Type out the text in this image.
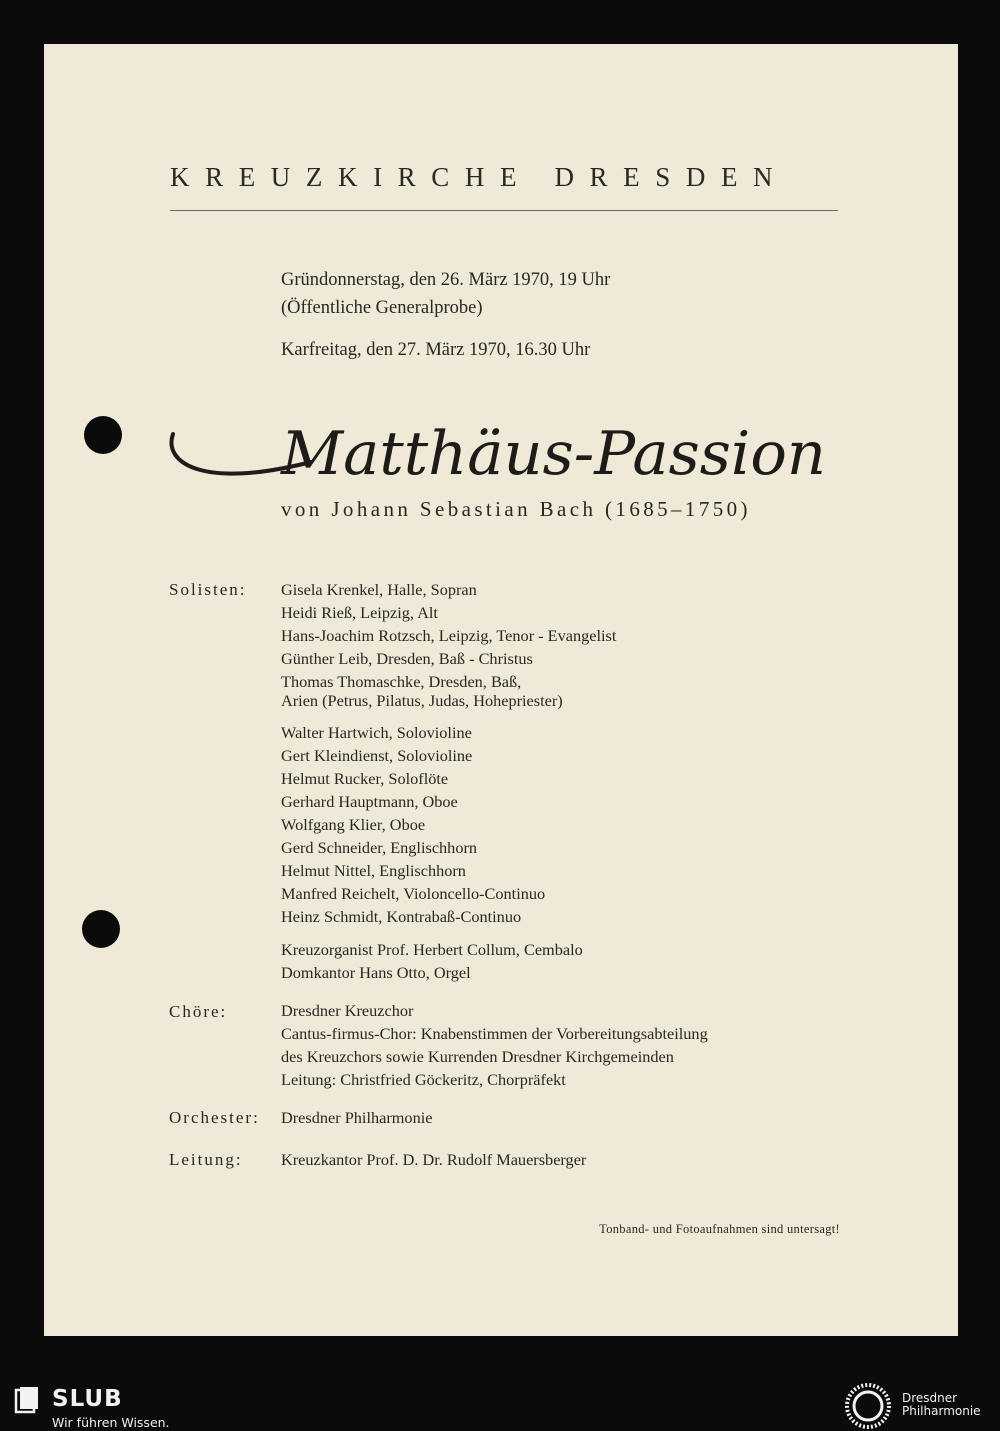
KREUZKIRCHE DRESDEN
Gründonnerstag, den 26. März 1970, 19 Uhr
(Öffentliche Generalprobe)
Karfreitag, den 27. März 1970, 16.30 Uhr
Matthäus-Passion
von Johann Sebastian Bach (1685–1750)
Solisten: Gisela Krenkel, Halle, Sopran
Heidi Rieß, Leipzig, Alt
Hans-Joachim Rotzsch, Leipzig, Tenor - Evangelist
Günther Leib, Dresden, Baß - Christus
Thomas Thomaschke, Dresden, Baß,
Arien (Petrus, Pilatus, Judas, Hohepriester)
Walter Hartwich, Solovioline
Gert Kleindienst, Solovioline
Helmut Rucker, Soloflöte
Gerhard Hauptmann, Oboe
Wolfgang Klier, Oboe
Gerd Schneider, Englischhorn
Helmut Nittel, Englischhorn
Manfred Reichelt, Violoncello-Continuo
Heinz Schmidt, Kontrabaß-Continuo
Kreuzorganist Prof. Herbert Collum, Cembalo
Domkantor Hans Otto, Orgel
Chöre:	Dresdner Kreuzchor
Cantus-firmus-Chor: Knabenstimmen der Vorbereitungsabteilung
des Kreuzchors sowie Kurrenden Dresdner Kirchgemeinden
Leitung: Christfried Göckeritz, Chorpräfekt
Orchester: Dresdner Philharmonie
Leitung: Kreuzkantor Prof. D. Dr. Rudolf Mauersberger
Tonband- und Fotoaufnahmen sind untersagt!
SLUB
Wir führen Wissen.
Dresdner
Philharmonie
